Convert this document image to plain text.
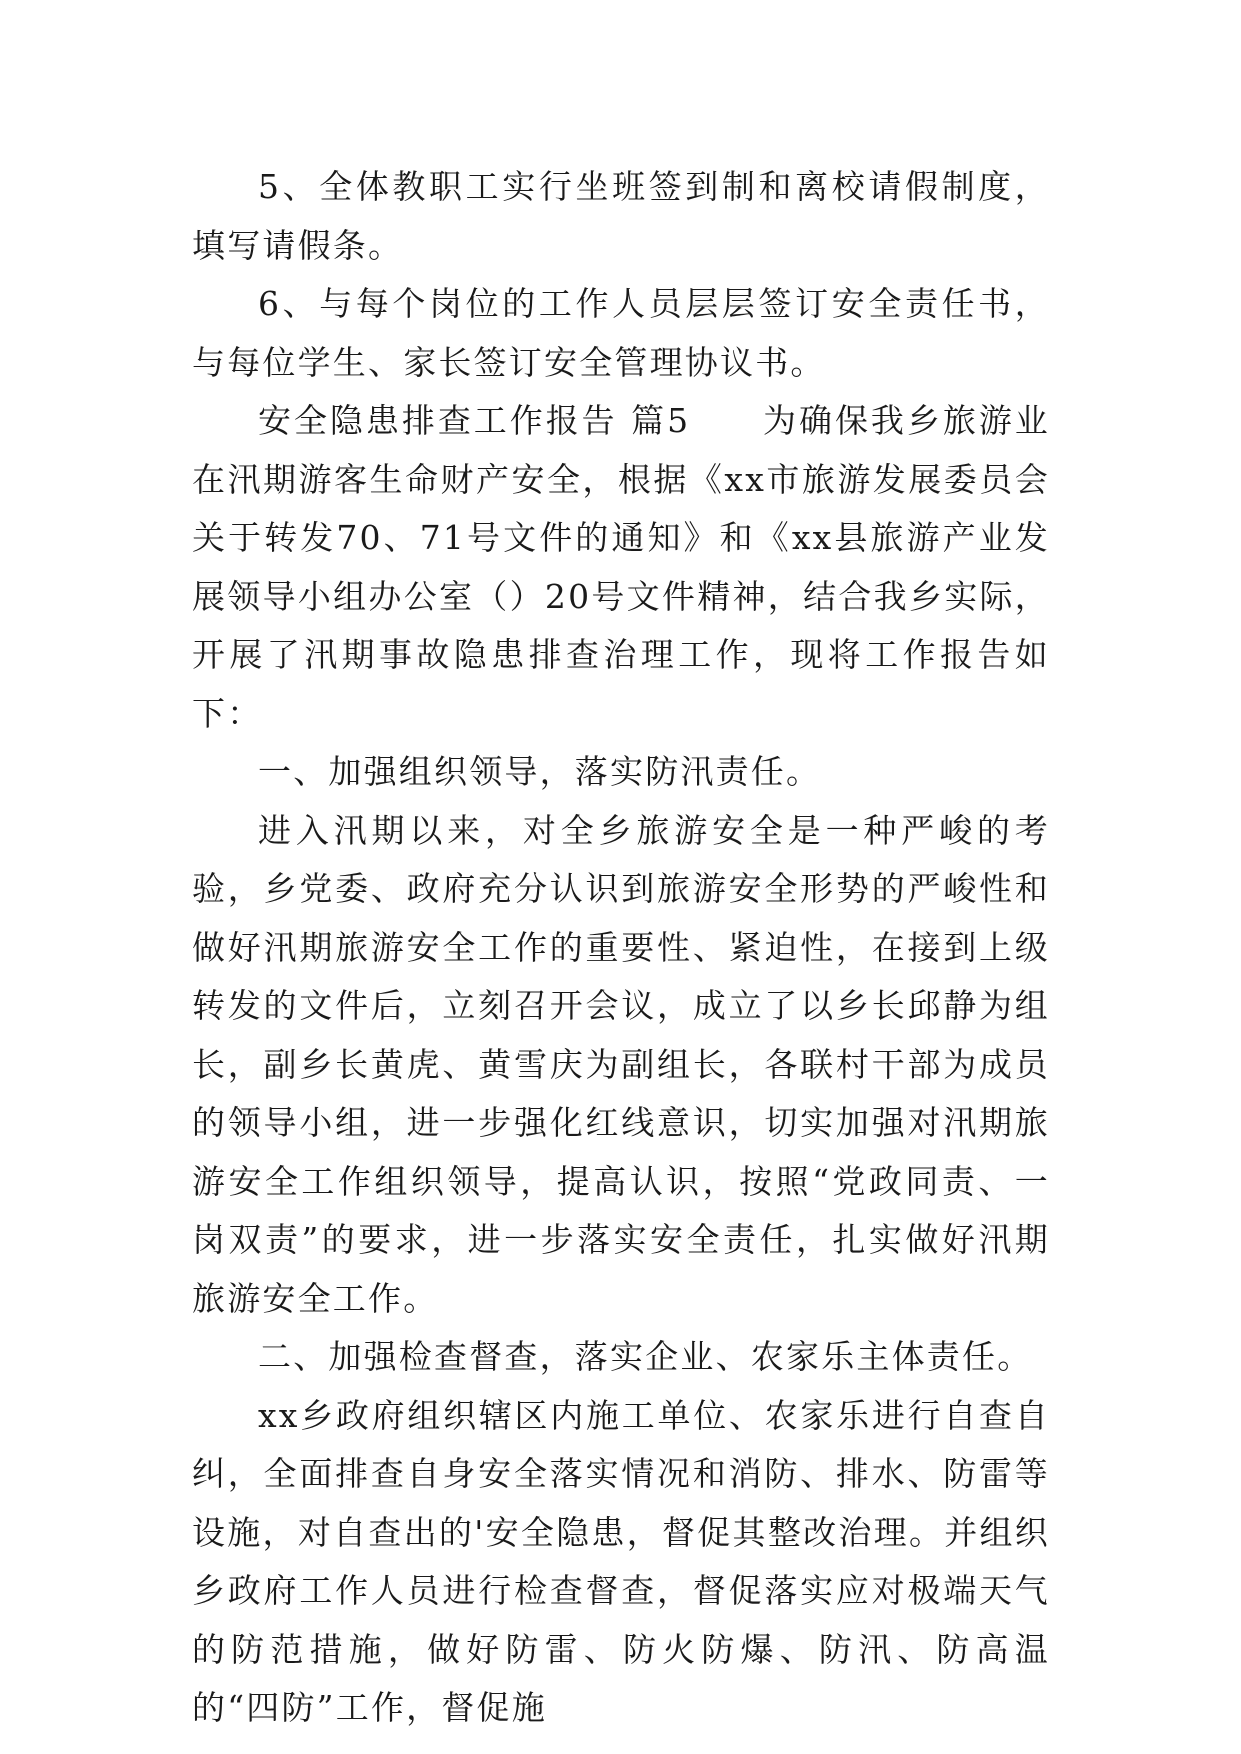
5、全体教职工实行坐班签到制和离校请假制度，填写请假条。

6、与每个岗位的工作人员层层签订安全责任书，与每位学生、家长签订安全管理协议书。

安全隐患排查工作报告 篇5 为确保我乡旅游业在汛期游客生命财产安全，根据《xx市旅游发展委员会关于转发70、71号文件的通知》和《xx县旅游产业发展领导小组办公室（）20号文件精神，结合我乡实际，开展了汛期事故隐患排查治理工作，现将工作报告如下：

一、加强组织领导，落实防汛责任。

进入汛期以来，对全乡旅游安全是一种严峻的考验，乡党委、政府充分认识到旅游安全形势的严峻性和做好汛期旅游安全工作的重要性、紧迫性，在接到上级转发的文件后，立刻召开会议，成立了以乡长邱静为组长，副乡长黄虎、黄雪庆为副组长，各联村干部为成员的领导小组，进一步强化红线意识，切实加强对汛期旅游安全工作组织领导，提高认识，按照“党政同责、一岗双责”的要求，进一步落实安全责任，扎实做好汛期旅游安全工作。

二、加强检查督查，落实企业、农家乐主体责任。

xx乡政府组织辖区内施工单位、农家乐进行自查自纠，全面排查自身安全落实情况和消防、排水、防雷等设施，对自查出的'安全隐患，督促其整改治理。并组织乡政府工作人员进行检查督查，督促落实应对极端天气的防范措施，做好防雷、防火防爆、防汛、防高温的“四防”工作，督促施
